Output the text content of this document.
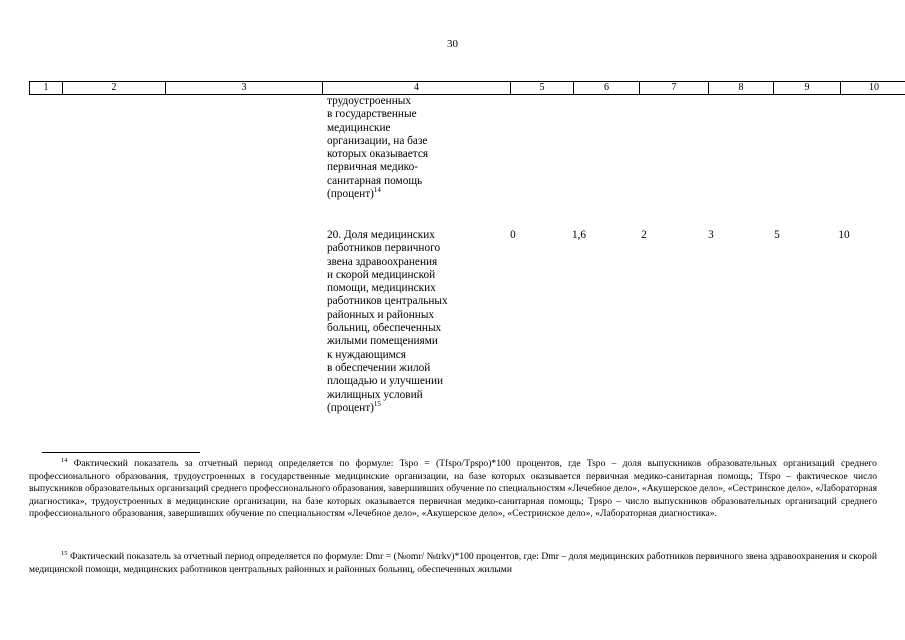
30
1	2	3	4	5	6	7	8	9	10
трудоустроенных
в государственные
медицинские
организации, на базе
которых оказывается
первичная медико-
санитарная помощь
(процент)$^{14}$
20. Доля медицинских
работников первичного
звена здравоохранения
и скорой медицинской
помощи, медицинских
работников центральных
районных и районных
больниц, обеспеченных
жилыми помещениями
к нуждающимся
в обеспечении жилой
площадью и улучшении
жилищных условий
(процент)$^{15}$
0	1,6	2	3	5	10
$^{14}$ Фактический показатель за отчетный период определяется по формуле: Tspo = (Tfspo/Tpspo)*100 процентов, где Tspo – доля выпускников образовательных организаций среднего профессионального образования, трудоустроенных в государственные медицинские организации, на базе которых оказывается первичная медико-санитарная помощь; Tfspo – фактическое число выпускников образовательных организаций среднего профессионального образования, завершивших обучение по специальностям «Лечебное дело», «Акушерское дело», «Сестринское дело», «Лабораторная диагностика», трудоустроенных в медицинские организации, на базе которых оказывается первичная медико-санитарная помощь; Tpspo – число выпускников образовательных организаций среднего профессионального образования, завершивших обучение по специальностям «Лечебное дело», «Акушерское дело», «Сестринское дело», «Лабораторная диагностика».
$^{15}$ Фактический показатель за отчетный период определяется по формуле: Dmr = (№omr/ №trkv)*100 процентов, где: Dmr – доля медицинских работников первичного звена здравоохранения и скорой медицинской помощи, медицинских работников центральных районных и районных больниц, обеспеченных жилыми
